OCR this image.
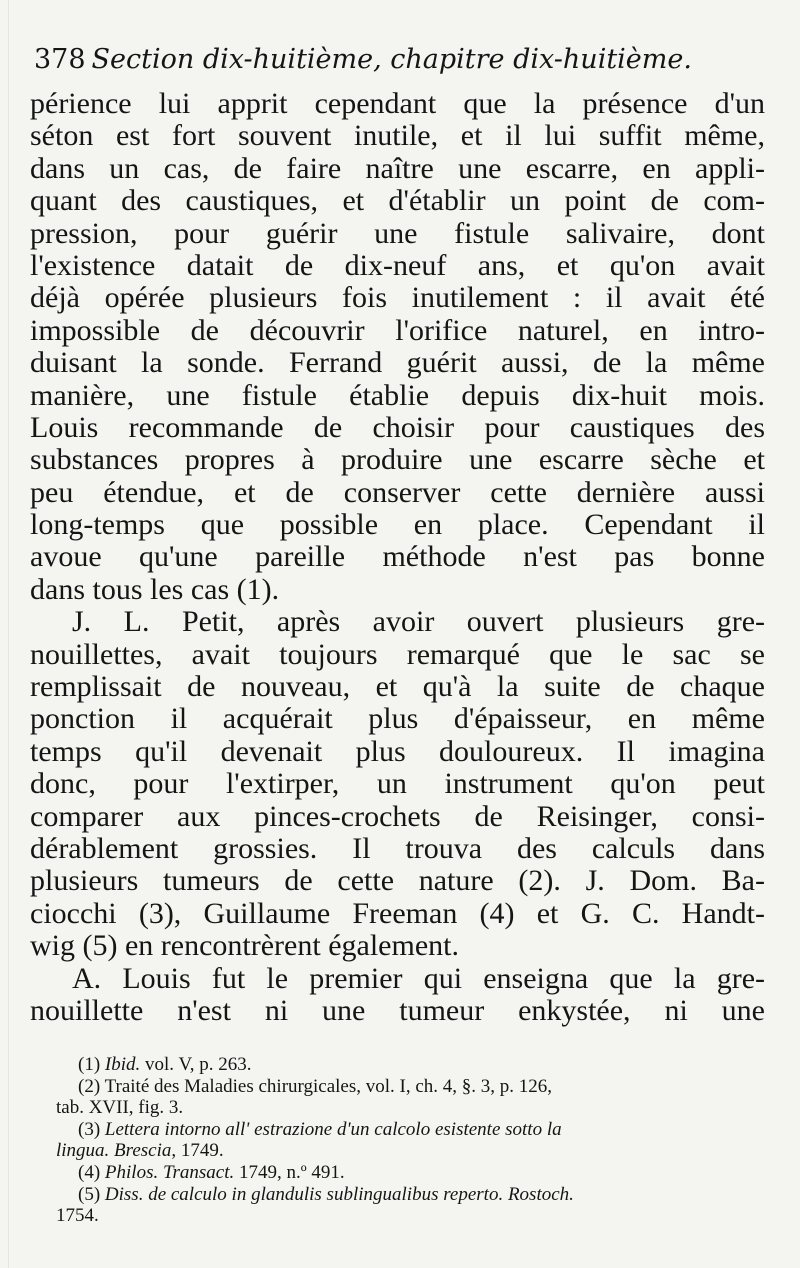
378 Section dix-huitième, chapitre dix-huitième.
périence lui apprit cependant que la présence d'un
séton est fort souvent inutile, et il lui suffit même,
dans un cas, de faire naître une escarre, en appli-
quant des caustiques, et d'établir un point de com-
pression, pour guérir une fistule salivaire, dont
l'existence datait de dix-neuf ans, et qu'on avait
déjà opérée plusieurs fois inutilement : il avait été
impossible de découvrir l'orifice naturel, en intro-
duisant la sonde. Ferrand guérit aussi, de la même
manière, une fistule établie depuis dix-huit mois.
Louis recommande de choisir pour caustiques des
substances propres à produire une escarre sèche et
peu étendue, et de conserver cette dernière aussi
long-temps que possible en place. Cependant il
avoue qu'une pareille méthode n'est pas bonne
dans tous les cas (1).
J. L. Petit, après avoir ouvert plusieurs gre-
nouillettes, avait toujours remarqué que le sac se
remplissait de nouveau, et qu'à la suite de chaque
ponction il acquérait plus d'épaisseur, en même
temps qu'il devenait plus douloureux. Il imagina
donc, pour l'extirper, un instrument qu'on peut
comparer aux pinces-crochets de Reisinger, consi-
dérablement grossies. Il trouva des calculs dans
plusieurs tumeurs de cette nature (2). J. Dom. Ba-
ciocchi (3), Guillaume Freeman (4) et G. C. Handt-
wig (5) en rencontrèrent également.
A. Louis fut le premier qui enseigna que la gre-
nouillette n'est ni une tumeur enkystée, ni une
(1) Ibid. vol. V, p. 263.
(2) Traité des Maladies chirurgicales, vol. I, ch. 4, §. 3, p. 126,
tab. XVII, fig. 3.
(3) Lettera intorno all' estrazione d'un calcolo esistente sotto la
lingua. Brescia, 1749.
(4) Philos. Transact. 1749, n.º 491.
(5) Diss. de calculo in glandulis sublingualibus reperto. Rostoch.
1754.
